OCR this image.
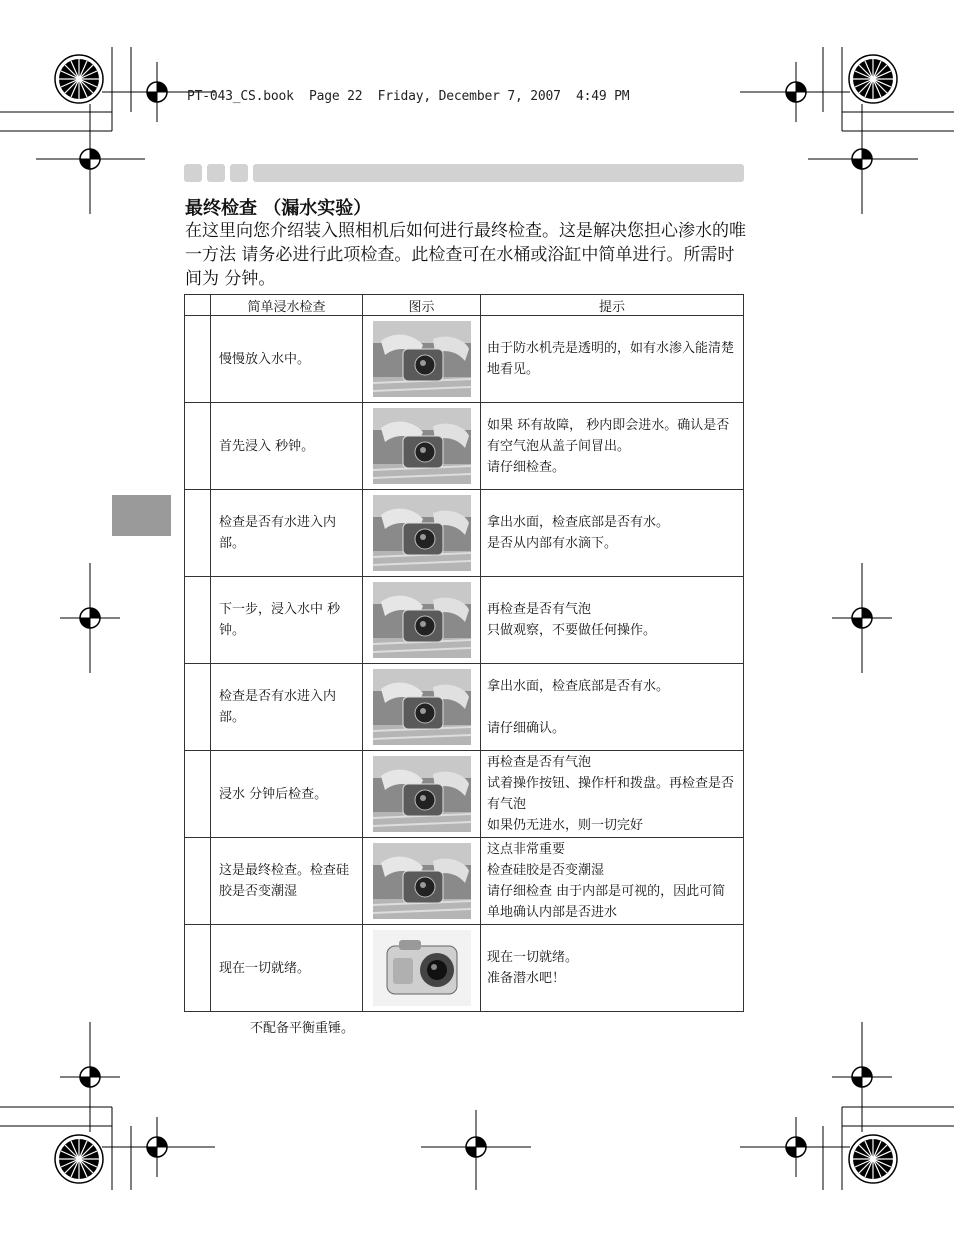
PT-043_CS.book  Page 22  Friday, December 7, 2007  4:49 PM
最终检查 （漏水实验）
在这里向您介绍装入照相机后如何进行最终检查。这是解决您担心渗水的唯一方法 请务必进行此项检查。此检查可在水桶或浴缸中简单进行。所需时间为 分钟。
	简单浸水检查	图示	提示
	慢慢放入水中。		由于防水机壳是透明的，如有水渗入能清楚地看见。

	首先浸入 秒钟。		如果 环有故障， 秒内即会进水。确认是否有空气泡从盖子间冒出。
请仔细检查。

	检查是否有水进入内部。		拿出水面，检查底部是否有水。
是否从内部有水滴下。

	下一步，浸入水中 秒钟。		再检查是否有气泡
只做观察，不要做任何操作。

	检查是否有水进入内部。		拿出水面，检查底部是否有水。

请仔细确认。

	浸水 分钟后检查。		再检查是否有气泡
试着操作按钮、操作杆和拨盘。再检查是否有气泡
如果仍无进水，则一切完好

	这是最终检查。检查硅胶是否变潮湿		这点非常重要
检查硅胶是否变潮湿
请仔细检查 由于内部是可视的，因此可简单地确认内部是否进水

	现在一切就绪。		现在一切就绪。
准备潜水吧！
不配备平衡重锤。
